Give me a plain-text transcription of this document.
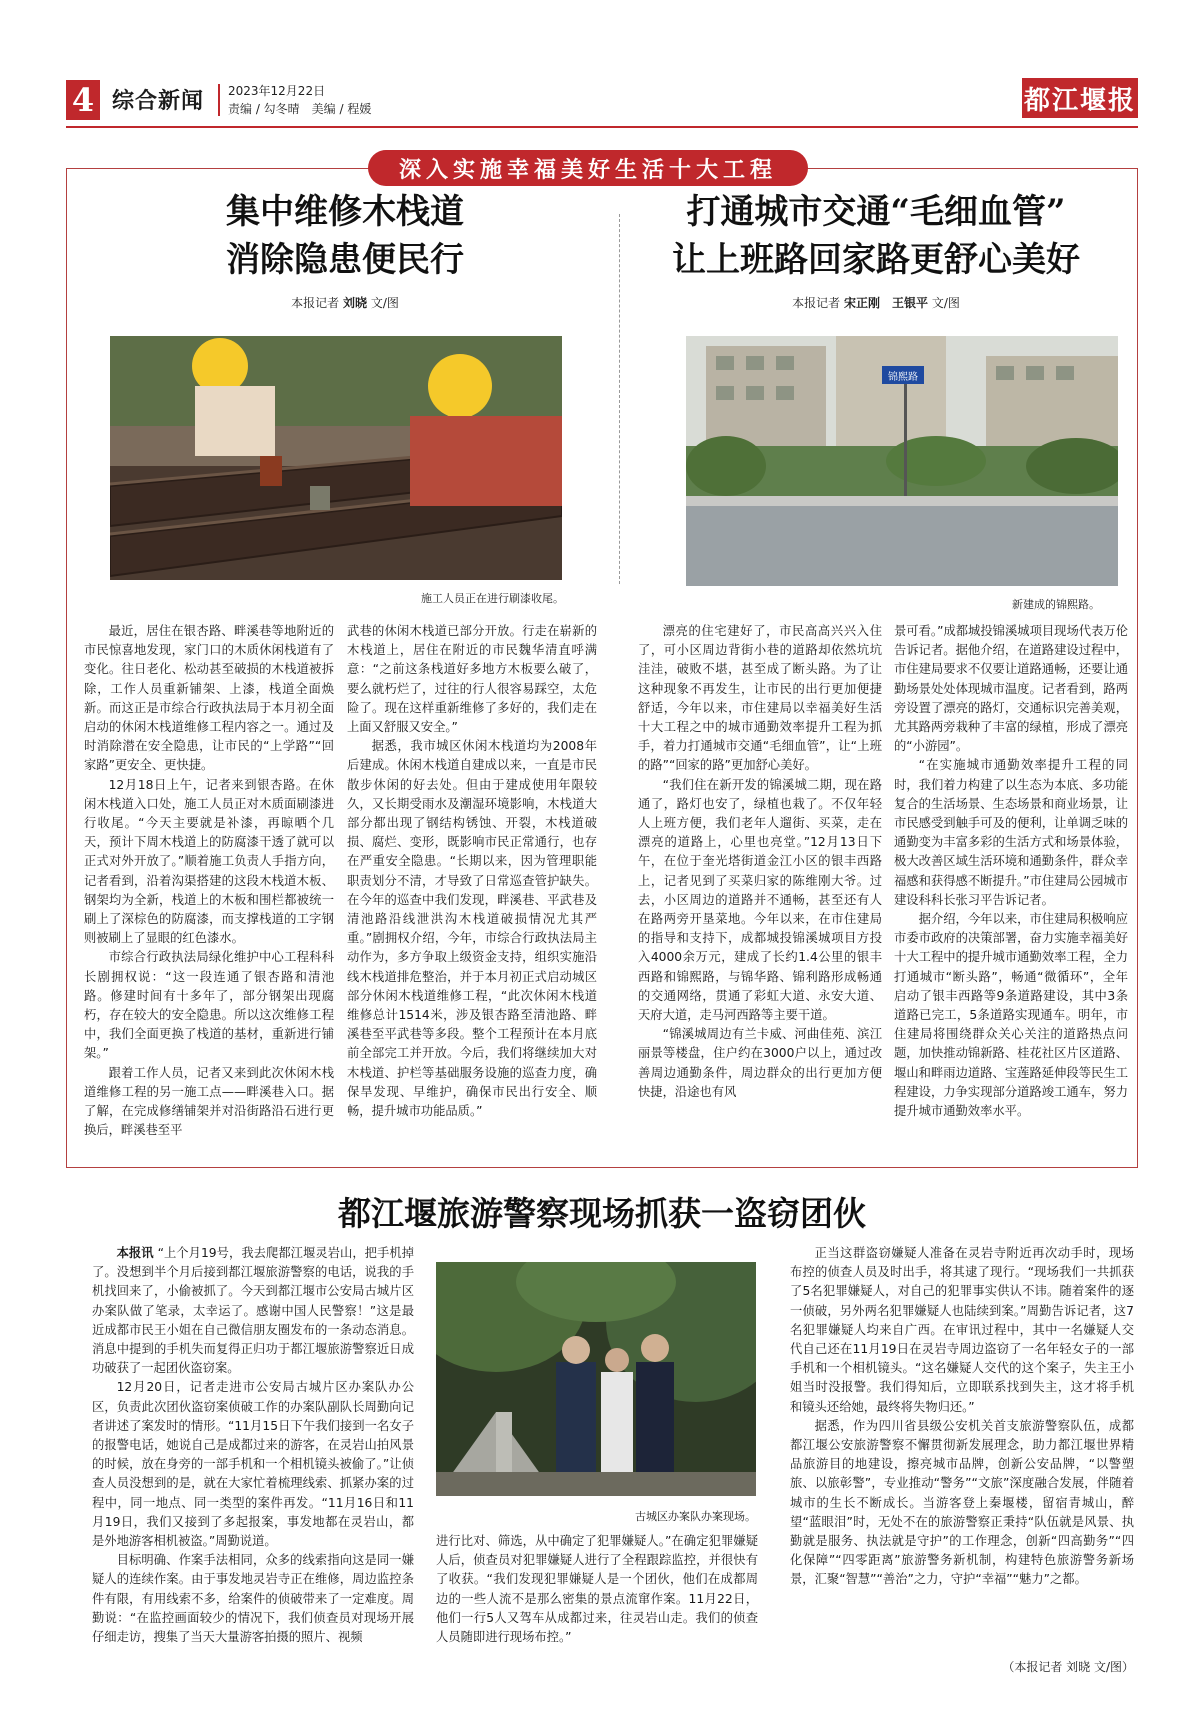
4 综合新闻 2023年12月22日
责编 / 勾冬晴　美编 / 程媛	都江堰报
深入实施幸福美好生活十大工程
集中维修木栈道
消除隐患便民行
本报记者 刘晓 文/图
施工人员正在进行刷漆收尾。

最近，居住在银杏路、畔溪巷等地附近的市民惊喜地发现，家门口的木质休闲栈道有了变化。往日老化、松动甚至破损的木栈道被拆除，工作人员重新铺架、上漆，栈道全面焕新。而这正是市综合行政执法局于本月初全面启动的休闲木栈道维修工程内容之一。通过及时消除潜在安全隐患，让市民的“上学路”“回家路”更安全、更快捷。

12月18日上午，记者来到银杏路。在休闲木栈道入口处，施工人员正对木质面刷漆进行收尾。“今天主要就是补漆，再晾晒个几天，预计下周木栈道上的防腐漆干透了就可以正式对外开放了。”顺着施工负责人手指方向，记者看到，沿着沟渠搭建的这段木栈道木板、钢架均为全新，栈道上的木板和围栏都被统一刷上了深棕色的防腐漆，而支撑栈道的工字钢则被刷上了显眼的红色漆水。

市综合行政执法局绿化维护中心工程科科长剧拥权说：“这一段连通了银杏路和清池路。修建时间有十多年了，部分钢架出现腐朽，存在较大的安全隐患。所以这次维修工程中，我们全面更换了栈道的基材，重新进行铺架。”

跟着工作人员，记者又来到此次休闲木栈道维修工程的另一施工点——畔溪巷入口。据了解，在完成修缮铺架并对沿街路沿石进行更换后，畔溪巷至平

武巷的休闲木栈道已部分开放。行走在崭新的木栈道上，居住在附近的市民魏华清直呼满意：“之前这条栈道好多地方木板要么破了，要么就朽烂了，过往的行人很容易踩空，太危险了。现在这样重新维修了多好的，我们走在上面又舒服又安全。”

据悉，我市城区休闲木栈道均为2008年后建成。休闲木栈道自建成以来，一直是市民散步休闲的好去处。但由于建成使用年限较久，又长期受雨水及潮湿环境影响，木栈道大部分都出现了钢结构锈蚀、开裂，木栈道破损、腐烂、变形，既影响市民正常通行，也存在严重安全隐患。“长期以来，因为管理职能职责划分不清，才导致了日常巡查管护缺失。在今年的巡查中我们发现，畔溪巷、平武巷及清池路沿线泄洪沟木栈道破损情况尤其严重。”剧拥权介绍，今年，市综合行政执法局主动作为，多方争取上级资金支持，组织实施沿线木栈道排危整治，并于本月初正式启动城区部分休闲木栈道维修工程，“此次休闲木栈道维修总计1514米，涉及银杏路至清池路、畔溪巷至平武巷等多段。整个工程预计在本月底前全部完工并开放。今后，我们将继续加大对木栈道、护栏等基础服务设施的巡查力度，确保旱发现、早维护，确保市民出行安全、顺畅，提升城市功能品质。”

打通城市交通“毛细血管”
让上班路回家路更舒心美好
本报记者 宋正刚　王银平 文/图
锦熙路
新建成的锦熙路。

漂亮的住宅建好了，市民高高兴兴入住了，可小区周边背街小巷的道路却依然坑坑洼洼，破败不堪，甚至成了断头路。为了让这种现象不再发生，让市民的出行更加便捷舒适，今年以来，市住建局以幸福美好生活十大工程之中的城市通勤效率提升工程为抓手，着力打通城市交通“毛细血管”，让“上班的路”“回家的路”更加舒心美好。

“我们住在新开发的锦溪城二期，现在路通了，路灯也安了，绿植也栽了。不仅年轻人上班方便，我们老年人遛街、买菜，走在漂亮的道路上，心里也亮堂。”12月13日下午，在位于奎光塔街道金江小区的银丰西路上，记者见到了买菜归家的陈维刚大爷。过去，小区周边的道路并不通畅，甚至还有人在路两旁开垦菜地。今年以来，在市住建局的指导和支持下，成都城投锦溪城项目方投入4000余万元，建成了长约1.4公里的银丰西路和锦熙路，与锦华路、锦利路形成畅通的交通网络，贯通了彩虹大道、永安大道、天府大道，走马河西路等主要干道。

“锦溪城周边有兰卡威、河曲佳苑、滨江丽景等楼盘，住户约在3000户以上，通过改善周边通勤条件，周边群众的出行更加方便快捷，沿途也有风

景可看。”成都城投锦溪城项目现场代表万伦告诉记者。据他介绍，在道路建设过程中，市住建局要求不仅要让道路通畅，还要让通勤场景处处体现城市温度。记者看到，路两旁设置了漂亮的路灯，交通标识完善美观，尤其路两旁栽种了丰富的绿植，形成了漂亮的“小游园”。

“在实施城市通勤效率提升工程的同时，我们着力构建了以生态为本底、多功能复合的生活场景、生态场景和商业场景，让市民感受到触手可及的便利，让单调乏味的通勤变为丰富多彩的生活方式和场景体验，极大改善区域生活环境和通勤条件，群众幸福感和获得感不断提升。”市住建局公园城市建设科科长张习平告诉记者。

据介绍，今年以来，市住建局积极响应市委市政府的决策部署，奋力实施幸福美好十大工程中的提升城市通勤效率工程，全力打通城市“断头路”，畅通“微循环”，全年启动了银丰西路等9条道路建设，其中3条道路已完工，5条道路实现通车。明年，市住建局将围绕群众关心关注的道路热点问题，加快推动锦新路、桂花社区片区道路、堰山和畔雨边道路、宝莲路延伸段等民生工程建设，力争实现部分道路竣工通车，努力提升城市通勤效率水平。

都江堰旅游警察现场抓获一盗窃团伙

本报讯 “上个月19号，我去爬都江堰灵岩山，把手机掉了。没想到半个月后接到都江堰旅游警察的电话，说我的手机找回来了，小偷被抓了。今天到都江堰市公安局古城片区办案队做了笔录，太幸运了。感谢中国人民警察！”这是最近成都市民王小姐在自己微信朋友圈发布的一条动态消息。消息中提到的手机失而复得正归功于都江堰旅游警察近日成功破获了一起团伙盗窃案。

12月20日，记者走进市公安局古城片区办案队办公区，负责此次团伙盗窃案侦破工作的办案队副队长周勤向记者讲述了案发时的情形。“11月15日下午我们接到一名女子的报警电话，她说自己是成都过来的游客，在灵岩山拍风景的时候，放在身旁的一部手机和一个相机镜头被偷了。”让侦查人员没想到的是，就在大家忙着梳理线索、抓紧办案的过程中，同一地点、同一类型的案件再发。“11月16日和11月19日，我们又接到了多起报案，事发地都在灵岩山，都是外地游客相机被盗。”周勤说道。

目标明确、作案手法相同，众多的线索指向这是同一嫌疑人的连续作案。由于事发地灵岩寺正在维修，周边监控条件有限，有用线索不多，给案件的侦破带来了一定难度。周勤说：“在监控画面较少的情况下，我们侦查员对现场开展仔细走访，搜集了当天大量游客拍摄的照片、视频

古城区办案队办案现场。

进行比对、筛选，从中确定了犯罪嫌疑人。”在确定犯罪嫌疑人后，侦查员对犯罪嫌疑人进行了全程跟踪监控，并很快有了收获。“我们发现犯罪嫌疑人是一个团伙，他们在成都周边的一些人流不是那么密集的景点流窜作案。11月22日，他们一行5人又驾车从成都过来，往灵岩山走。我们的侦查人员随即进行现场布控。”

正当这群盗窃嫌疑人准备在灵岩寺附近再次动手时，现场布控的侦查人员及时出手，将其逮了现行。“现场我们一共抓获了5名犯罪嫌疑人，对自己的犯罪事实供认不讳。随着案件的逐一侦破，另外两名犯罪嫌疑人也陆续到案。”周勤告诉记者，这7名犯罪嫌疑人均来自广西。在审讯过程中，其中一名嫌疑人交代自己还在11月19日在灵岩寺周边盗窃了一名年轻女子的一部手机和一个相机镜头。“这名嫌疑人交代的这个案子，失主王小姐当时没报警。我们得知后，立即联系找到失主，这才将手机和镜头还给她，最终将失物归还。”

据悉，作为四川省县级公安机关首支旅游警察队伍，成都都江堰公安旅游警察不懈贯彻新发展理念，助力都江堰世界精品旅游目的地建设，擦亮城市品牌，创新公安品牌，“以警塑旅、以旅彰警”，专业推动“警务”“文旅”深度融合发展，伴随着城市的生长不断成长。当游客登上秦堰楼，留宿青城山，醉望“蓝眼泪”时，无处不在的旅游警察正秉持“队伍就是风景、执勤就是服务、执法就是守护”的工作理念，创新“四高勤务”“四化保障”“四零距离”旅游警务新机制，构建特色旅游警务新场景，汇聚“智慧”“善治”之力，守护“幸福”“魅力”之都。

（本报记者 刘晓 文/图）
